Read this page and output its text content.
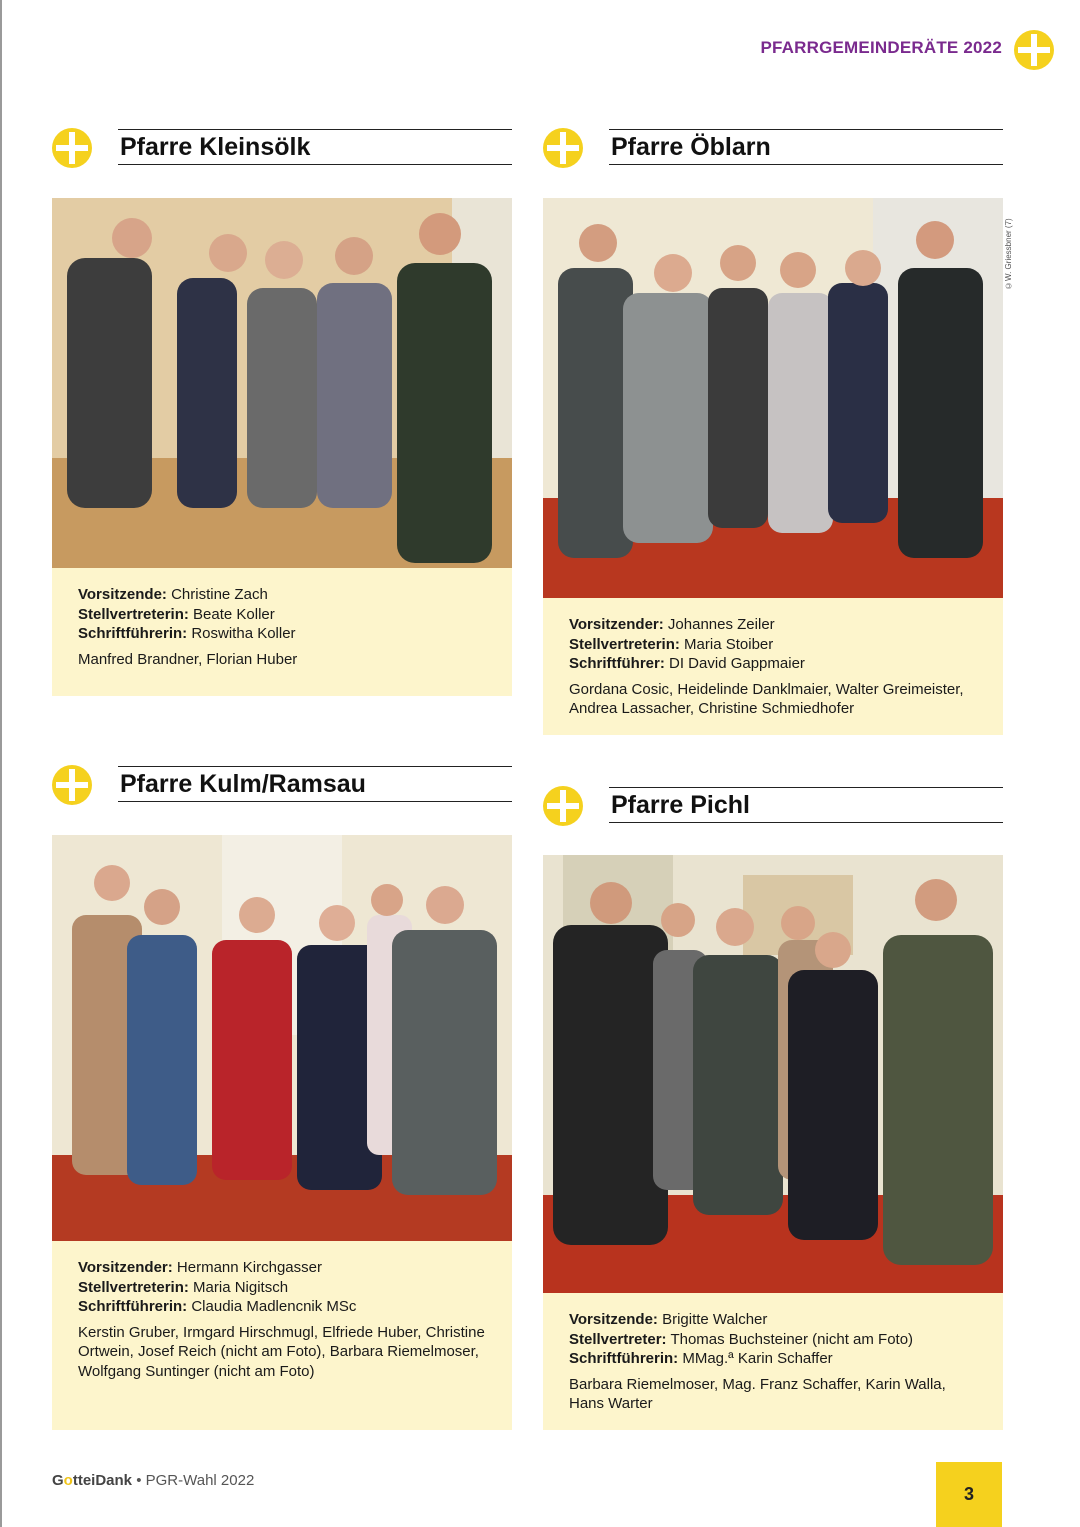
PFARRGEMEINDERÄTE 2022
Pfarre Kleinsölk
Vorsitzende: Christine Zach
Stellvertreterin: Beate Koller
Schriftführerin: Roswitha Koller
Manfred Brandner, Florian Huber
Pfarre Öblarn
Vorsitzender: Johannes Zeiler
Stellvertreterin: Maria Stoiber
Schriftführer: DI David Gappmaier
Gordana Cosic, Heidelinde Danklmaier, Walter Greimeister, Andrea Lassacher, Christine Schmiedhofer
©W. Griessbner (7)
Pfarre Kulm/Ramsau
Vorsitzender: Hermann Kirchgasser
Stellvertreterin: Maria Nigitsch
Schriftführerin: Claudia Madlencnik MSc
Kerstin Gruber, Irmgard Hirschmugl, Elfriede Huber, Christine Ortwein, Josef Reich (nicht am Foto), Barbara Riemelmoser, Wolfgang Suntinger (nicht am Foto)
Pfarre Pichl
Vorsitzende: Brigitte Walcher
Stellvertreter: Thomas Buchsteiner (nicht am Foto)
Schriftführerin: MMag.ª Karin Schaffer
Barbara Riemelmoser, Mag. Franz Schaffer, Karin Walla, Hans Warter
GotteiDank • PGR-Wahl 2022
3
